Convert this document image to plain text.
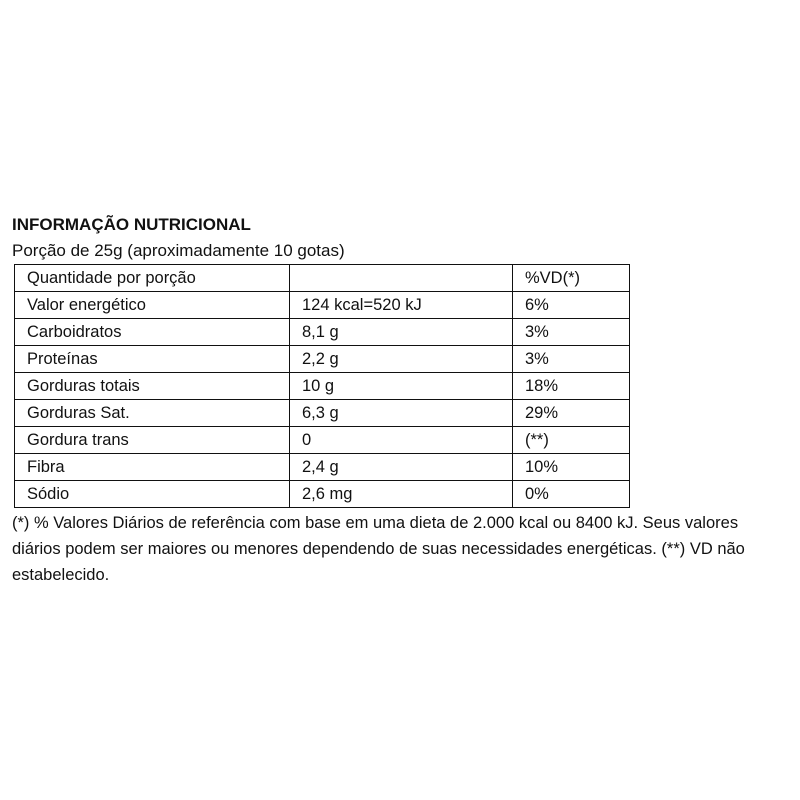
INFORMAÇÃO NUTRICIONAL
Porção de 25g (aproximadamente 10 gotas)
Quantidade por porção		%VD(*)
Valor energético	124 kcal=520 kJ	6%
Carboidratos	8,1 g	3%
Proteínas	2,2 g	3%
Gorduras totais	10 g	18%
Gorduras Sat.	6,3 g	29%
Gordura trans	0	(**)
Fibra	2,4 g	10%
Sódio	2,6 mg	0%
(*) % Valores Diários de referência com base em uma dieta de 2.000 kcal ou 8400 kJ. Seus valores diários podem ser maiores ou menores dependendo de suas necessidades energéticas. (**) VD não estabelecido.
